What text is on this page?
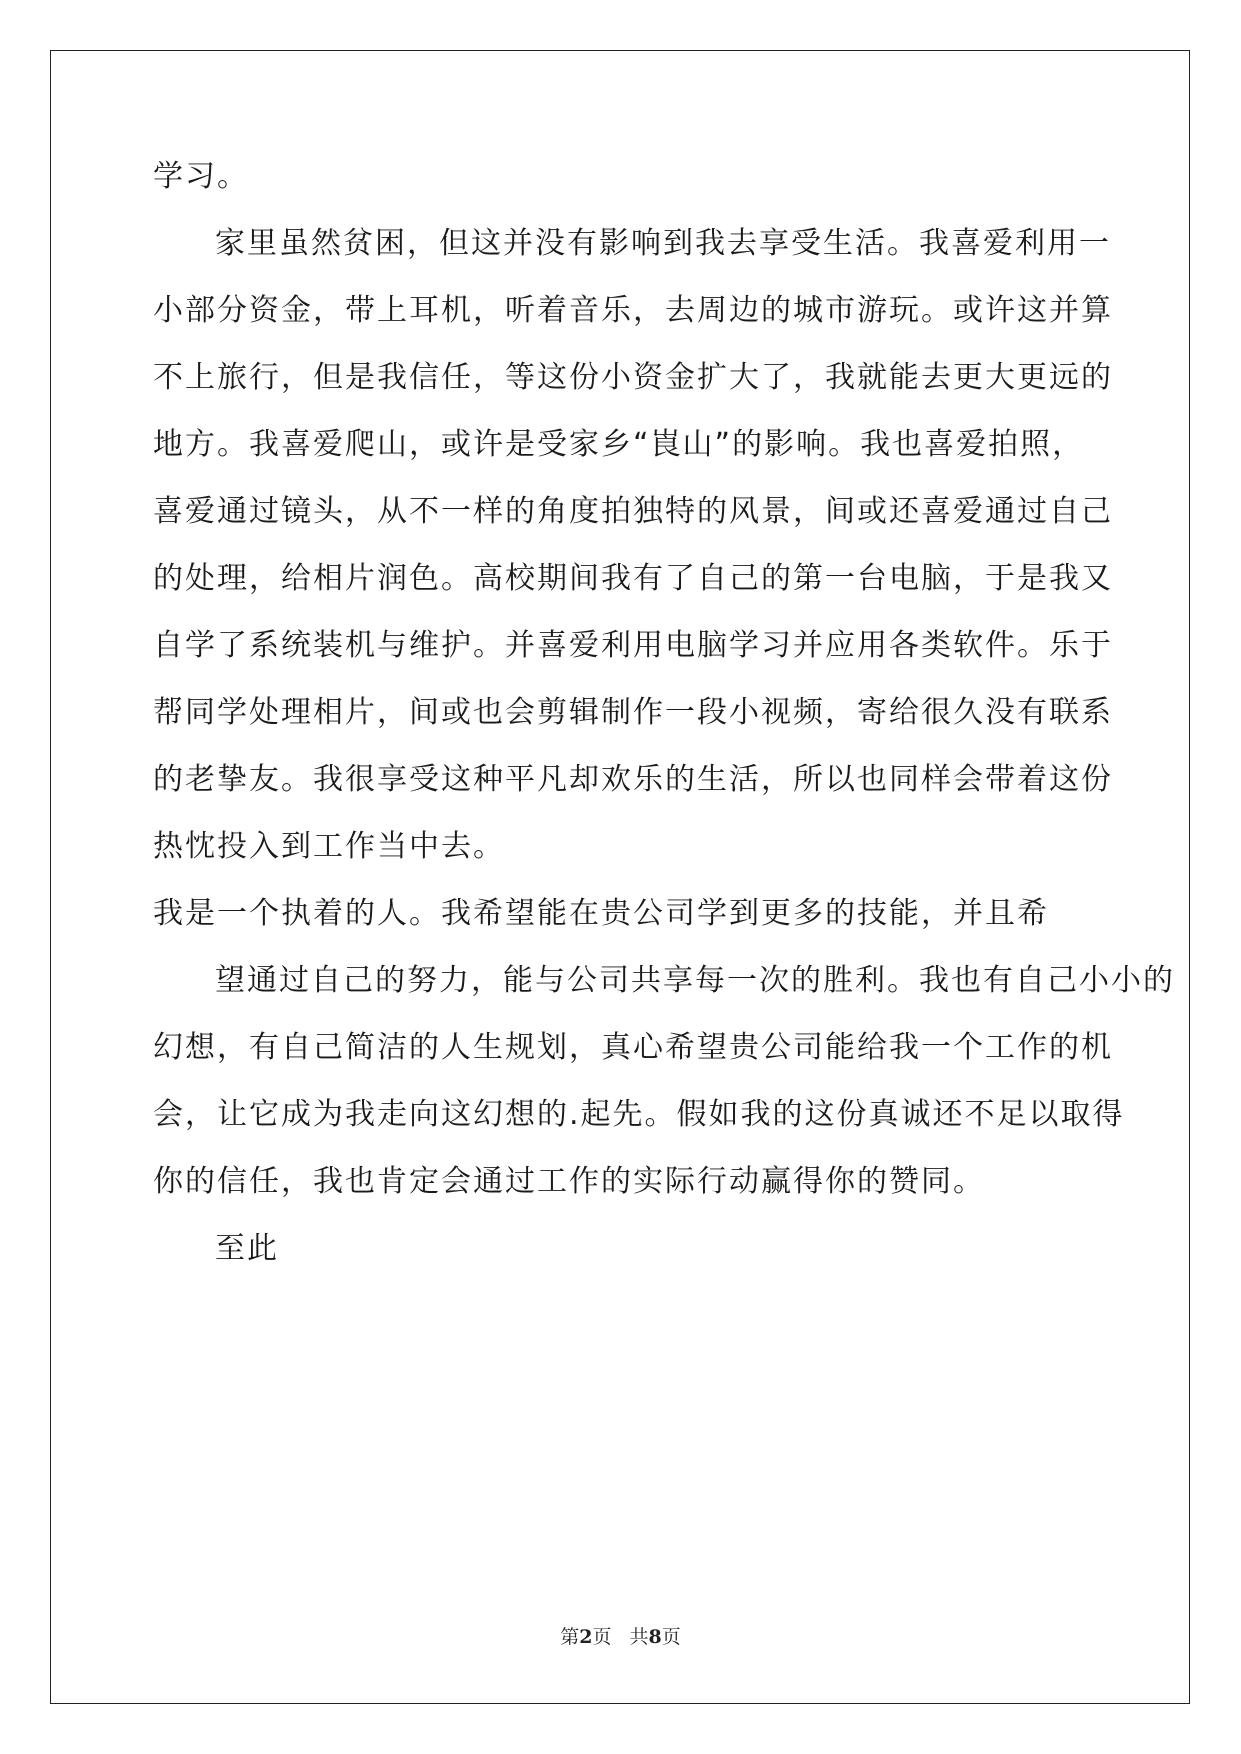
学习。
家里虽然贫困，但这并没有影响到我去享受生活。我喜爱利用一
小部分资金，带上耳机，听着音乐，去周边的城市游玩。或许这并算
不上旅行，但是我信任，等这份小资金扩大了，我就能去更大更远的
地方。我喜爱爬山，或许是受家乡“崀山”的影响。我也喜爱拍照，
喜爱通过镜头，从不一样的角度拍独特的风景，间或还喜爱通过自己
的处理，给相片润色。高校期间我有了自己的第一台电脑，于是我又
自学了系统装机与维护。并喜爱利用电脑学习并应用各类软件。乐于
帮同学处理相片，间或也会剪辑制作一段小视频，寄给很久没有联系
的老挚友。我很享受这种平凡却欢乐的生活，所以也同样会带着这份
热忱投入到工作当中去。
我是一个执着的人。我希望能在贵公司学到更多的技能，并且希
望通过自己的努力，能与公司共享每一次的胜利。我也有自己小小的
幻想，有自己简洁的人生规划，真心希望贵公司能给我一个工作的机
会，让它成为我走向这幻想的.起先。假如我的这份真诚还不足以取得
你的信任，我也肯定会通过工作的实际行动赢得你的赞同。
至此
第2页 共8页
